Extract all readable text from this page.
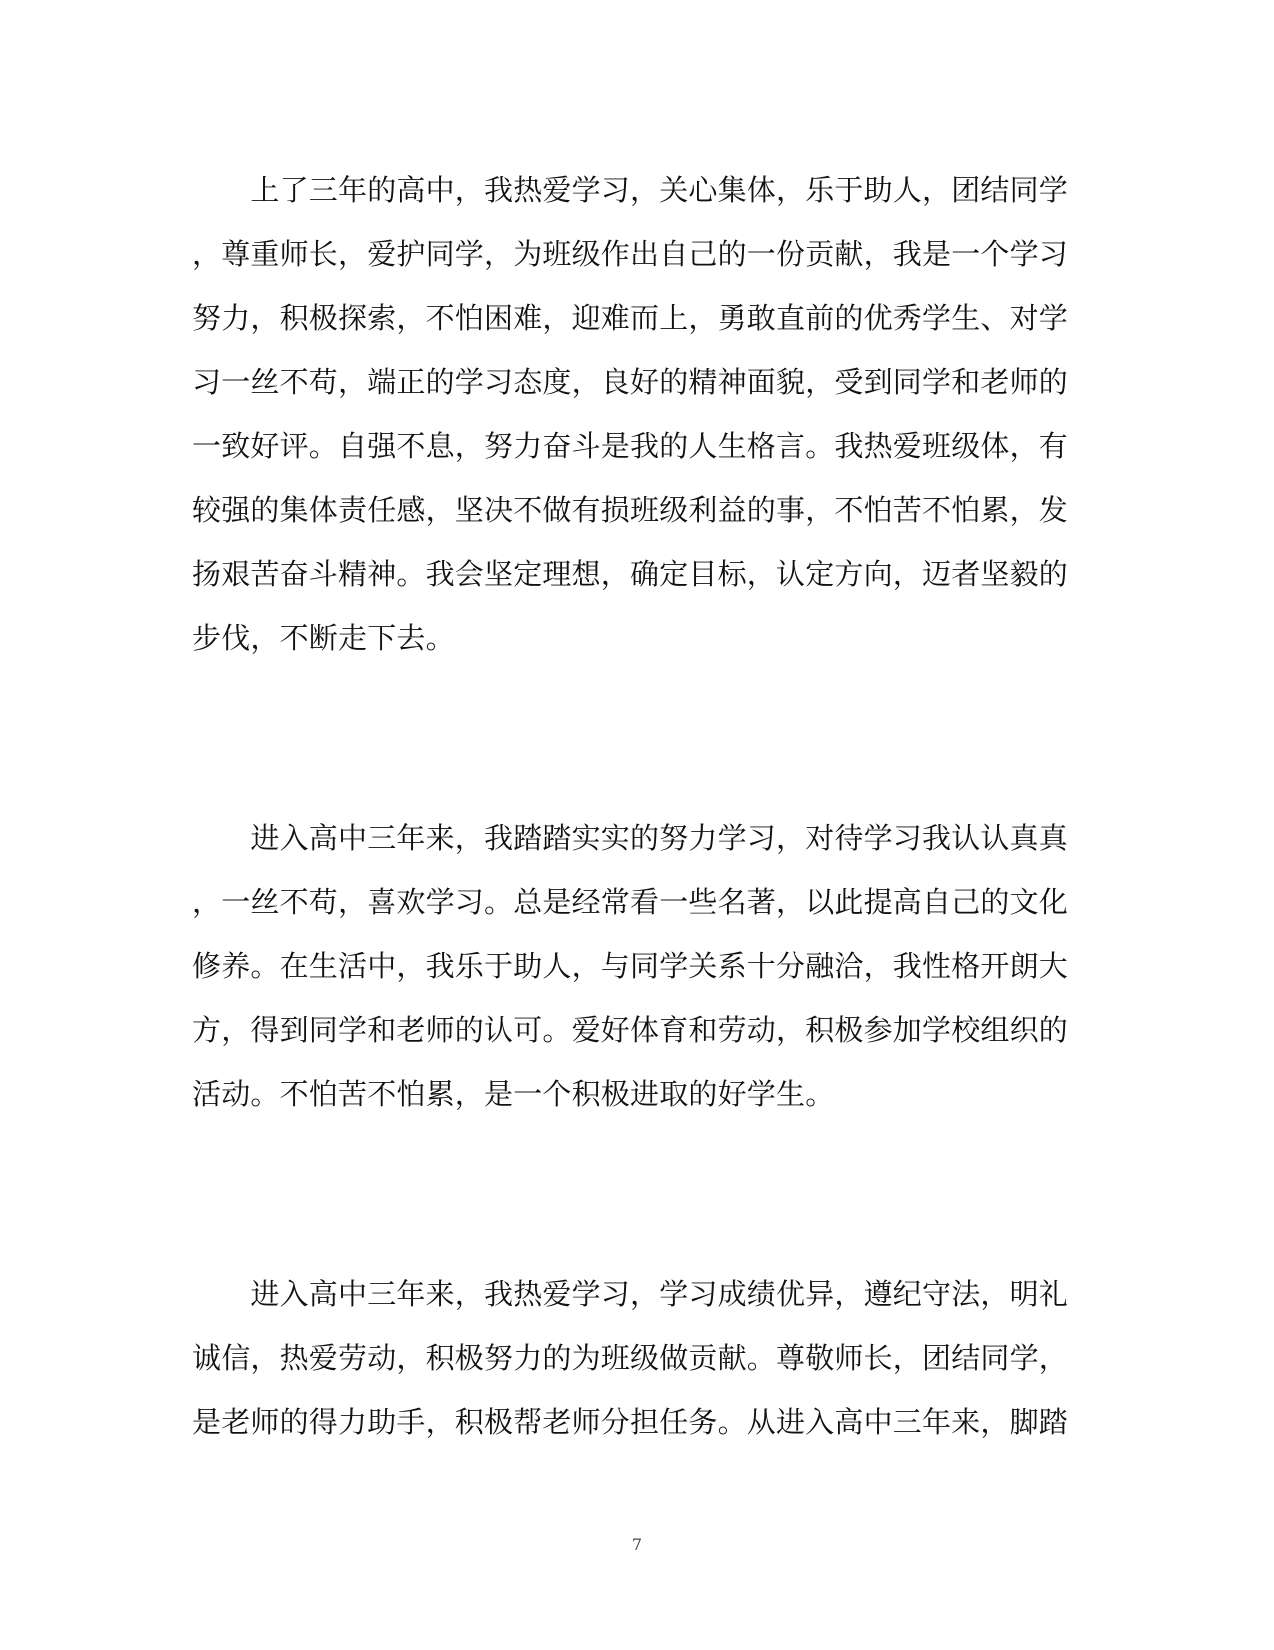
　　上了三年的高中，我热爱学习，关心集体，乐于助人，团结同学
，尊重师长，爱护同学，为班级作出自己的一份贡献，我是一个学习
努力，积极探索，不怕困难，迎难而上，勇敢直前的优秀学生、对学
习一丝不苟，端正的学习态度，良好的精神面貌，受到同学和老师的
一致好评。自强不息，努力奋斗是我的人生格言。我热爱班级体，有
较强的集体责任感，坚决不做有损班级利益的事，不怕苦不怕累，发
扬艰苦奋斗精神。我会坚定理想，确定目标，认定方向，迈者坚毅的
步伐，不断走下去。
　　进入高中三年来，我踏踏实实的努力学习，对待学习我认认真真
，一丝不苟，喜欢学习。总是经常看一些名著，以此提高自己的文化
修养。在生活中，我乐于助人，与同学关系十分融洽，我性格开朗大
方，得到同学和老师的认可。爱好体育和劳动，积极参加学校组织的
活动。不怕苦不怕累，是一个积极进取的好学生。
　　进入高中三年来，我热爱学习，学习成绩优异，遵纪守法，明礼
诚信，热爱劳动，积极努力的为班级做贡献。尊敬师长，团结同学，
是老师的得力助手，积极帮老师分担任务。从进入高中三年来，脚踏
7
